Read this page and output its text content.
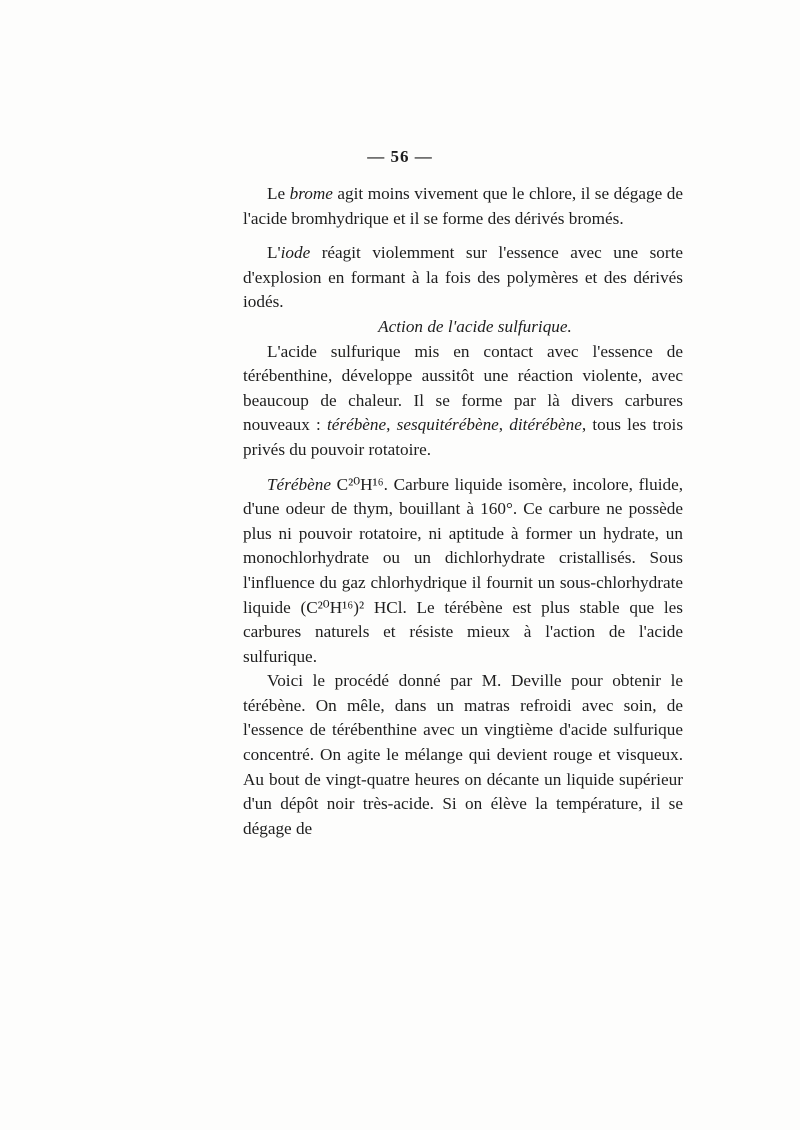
— 56 —

Le brome agit moins vivement que le chlore, il se dégage de l'acide bromhydrique et il se forme des dérivés bromés.

L'iode réagit violemment sur l'essence avec une sorte d'explosion en formant à la fois des polymères et des dérivés iodés.

Action de l'acide sulfurique.

L'acide sulfurique mis en contact avec l'essence de térébenthine, développe aussitôt une réaction violente, avec beaucoup de chaleur. Il se forme par là divers carbures nouveaux : térébène, sesquitérébène, ditérébène, tous les trois privés du pouvoir rotatoire.

Térébène C²⁰H¹⁶. Carbure liquide isomère, incolore, fluide, d'une odeur de thym, bouillant à 160°. Ce carbure ne possède plus ni pouvoir rotatoire, ni aptitude à former un hydrate, un monochlorhydrate ou un dichlorhydrate cristallisés. Sous l'influence du gaz chlorhydrique il fournit un sous-chlorhydrate liquide (C²⁰H¹⁶)² HCl. Le térébène est plus stable que les carbures naturels et résiste mieux à l'action de l'acide sulfurique.

Voici le procédé donné par M. Deville pour obtenir le térébène. On mêle, dans un matras refroidi avec soin, de l'essence de térébenthine avec un vingtième d'acide sulfurique concentré. On agite le mélange qui devient rouge et visqueux. Au bout de vingt-quatre heures on décante un liquide supérieur d'un dépôt noir très-acide. Si on élève la température, il se dégage de
